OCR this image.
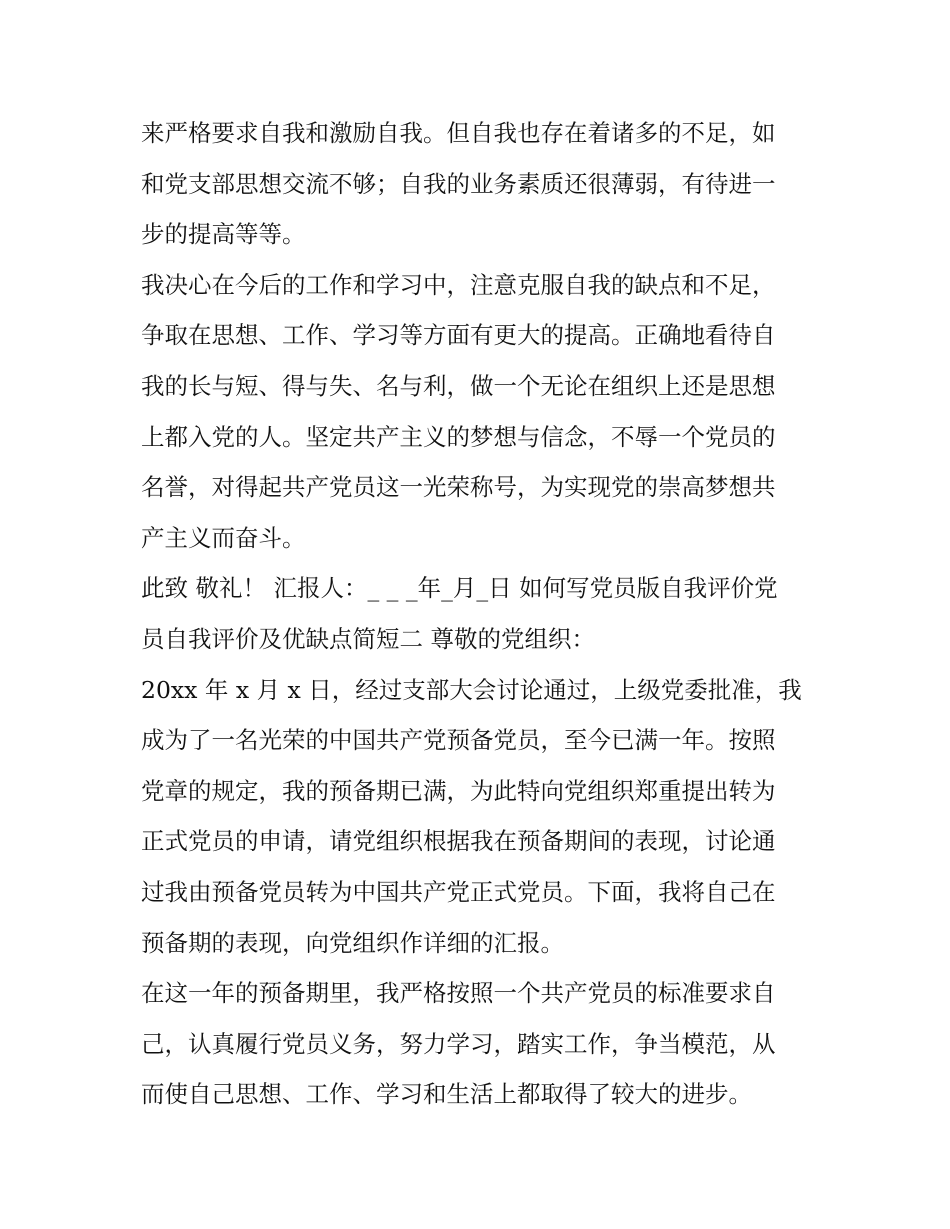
来严格要求自我和激励自我。但自我也存在着诸多的不足，如
和党支部思想交流不够；自我的业务素质还很薄弱，有待进一
步的提高等等。

我决心在今后的工作和学习中，注意克服自我的缺点和不足，
争取在思想、工作、学习等方面有更大的提高。正确地看待自
我的长与短、得与失、名与利，做一个无论在组织上还是思想
上都入党的人。坚定共产主义的梦想与信念，不辱一个党员的
名誉，对得起共产党员这一光荣称号，为实现党的崇高梦想共
产主义而奋斗。

此致 敬礼！ 汇报人：_ _ _年_月_日 如何写党员版自我评价党
员自我评价及优缺点简短二 尊敬的党组织：

20xx 年 x 月 x 日，经过支部大会讨论通过，上级党委批准，我
成为了一名光荣的中国共产党预备党员，至今已满一年。按照
党章的规定，我的预备期已满，为此特向党组织郑重提出转为
正式党员的申请，请党组织根据我在预备期间的表现，讨论通
过我由预备党员转为中国共产党正式党员。下面，我将自己在
预备期的表现，向党组织作详细的汇报。

在这一年的预备期里，我严格按照一个共产党员的标准要求自
己，认真履行党员义务，努力学习，踏实工作，争当模范，从
而使自己思想、工作、学习和生活上都取得了较大的进步。
